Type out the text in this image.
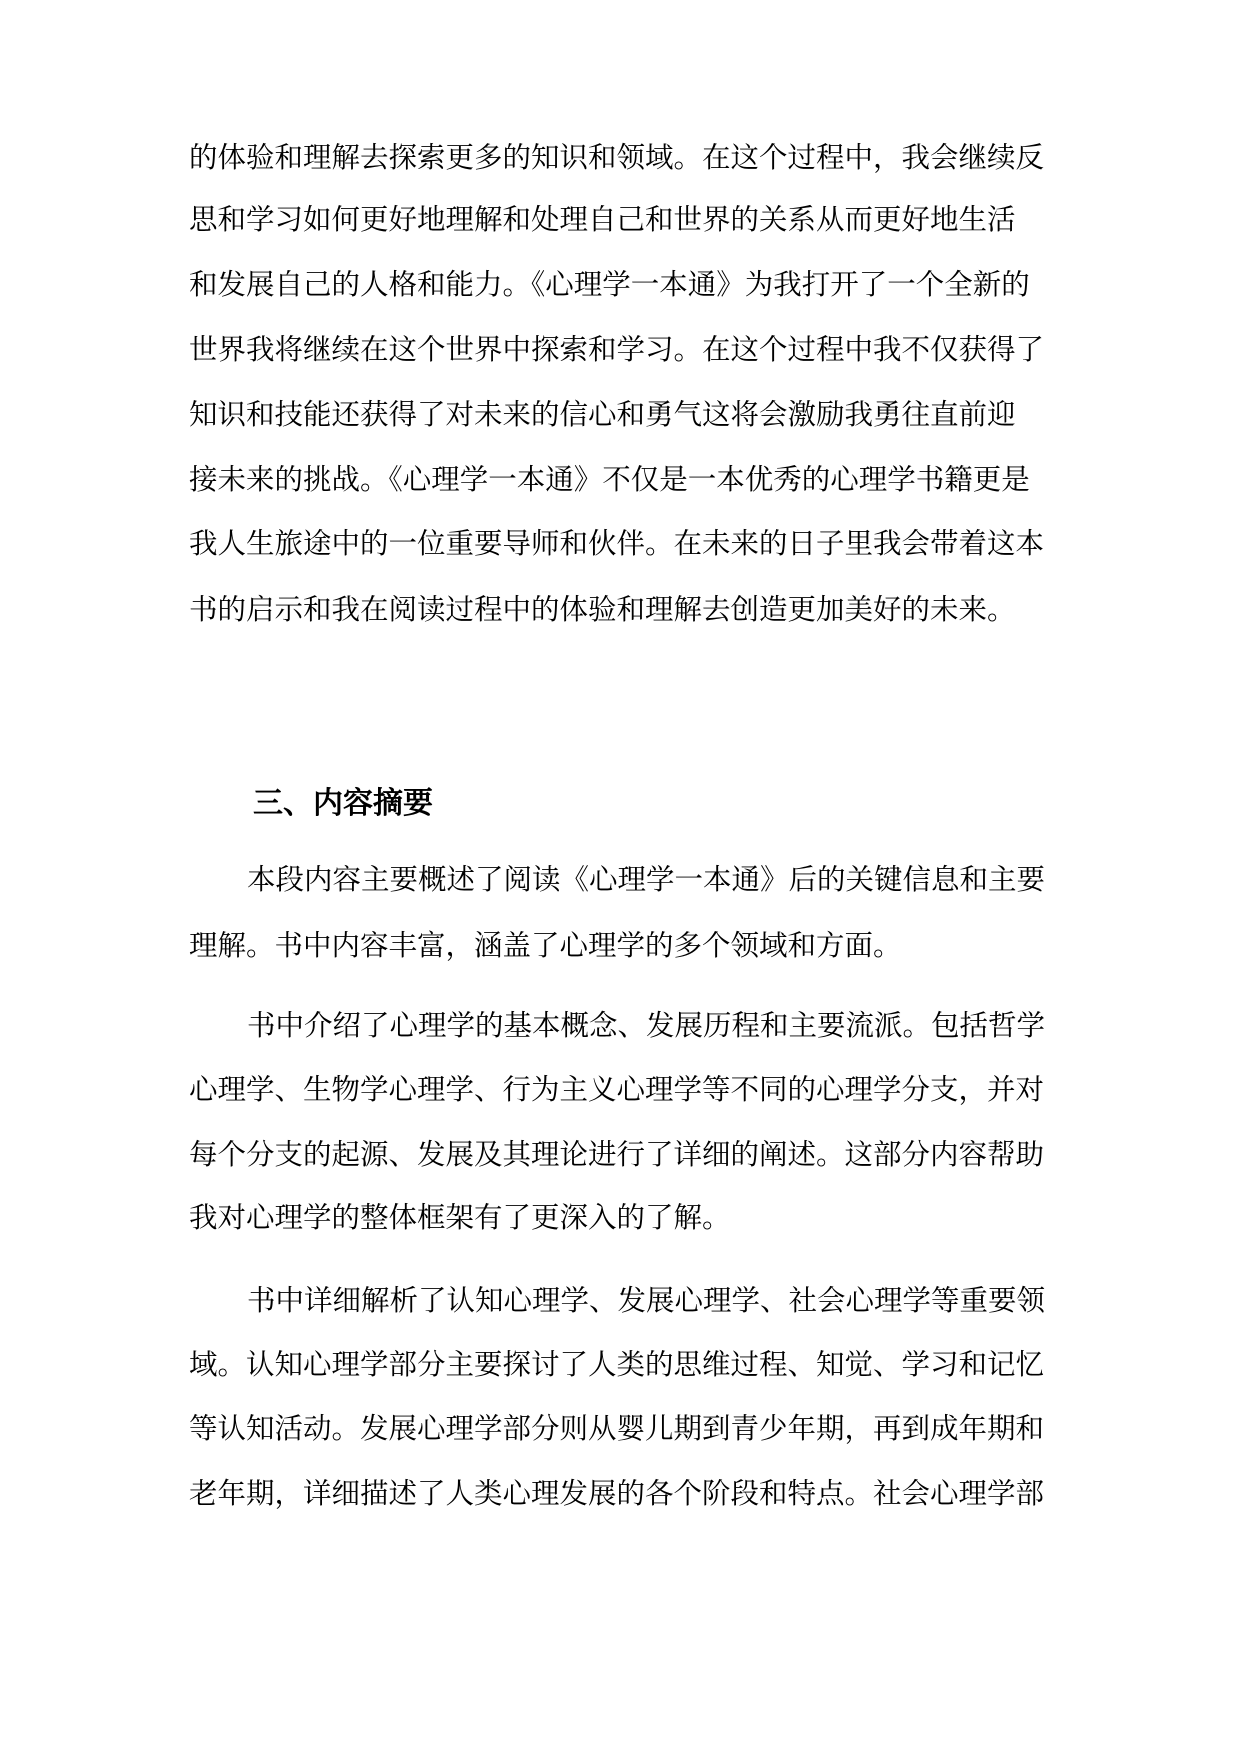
的体验和理解去探索更多的知识和领域。在这个过程中，我会继续反
思和学习如何更好地理解和处理自己和世界的关系从而更好地生活
和发展自己的人格和能力。《心理学一本通》为我打开了一个全新的
世界我将继续在这个世界中探索和学习。在这个过程中我不仅获得了
知识和技能还获得了对未来的信心和勇气这将会激励我勇往直前迎
接未来的挑战。《心理学一本通》不仅是一本优秀的心理学书籍更是
我人生旅途中的一位重要导师和伙伴。在未来的日子里我会带着这本
书的启示和我在阅读过程中的体验和理解去创造更加美好的未来。
三、内容摘要
本段内容主要概述了阅读《心理学一本通》后的关键信息和主要
理解。书中内容丰富，涵盖了心理学的多个领域和方面。
书中介绍了心理学的基本概念、发展历程和主要流派。包括哲学
心理学、生物学心理学、行为主义心理学等不同的心理学分支，并对
每个分支的起源、发展及其理论进行了详细的阐述。这部分内容帮助
我对心理学的整体框架有了更深入的了解。
书中详细解析了认知心理学、发展心理学、社会心理学等重要领
域。认知心理学部分主要探讨了人类的思维过程、知觉、学习和记忆
等认知活动。发展心理学部分则从婴儿期到青少年期，再到成年期和
老年期，详细描述了人类心理发展的各个阶段和特点。社会心理学部
